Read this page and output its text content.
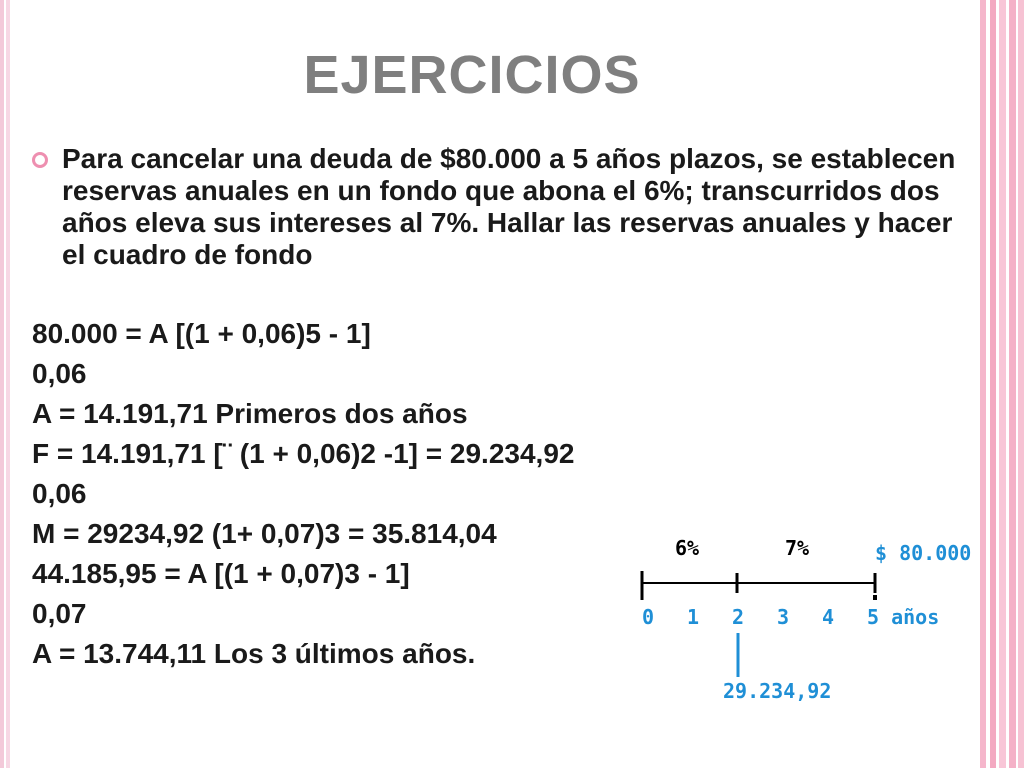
EJERCICIOS
Para cancelar una deuda de $80.000 a 5 años plazos, se establecen reservas anuales en un fondo que abona el 6%; transcurridos dos años eleva sus intereses al 7%. Hallar las reservas anuales y hacer el cuadro de fondo
80.000 = A [(1 + 0,06)5 - 1]
0,06
A = 14.191,71 Primeros dos años
F = 14.191,71 [¨ (1 + 0,06)2 -1] = 29.234,92
0,06
M = 29234,92 (1+ 0,07)3 = 35.814,04
44.185,95 = A [(1 + 0,07)3 - 1]
0,07
A = 13.744,11 Los 3 últimos años.
6%	7%	$ 80.000
0 1 2 3 4 5 años
29.234,92
